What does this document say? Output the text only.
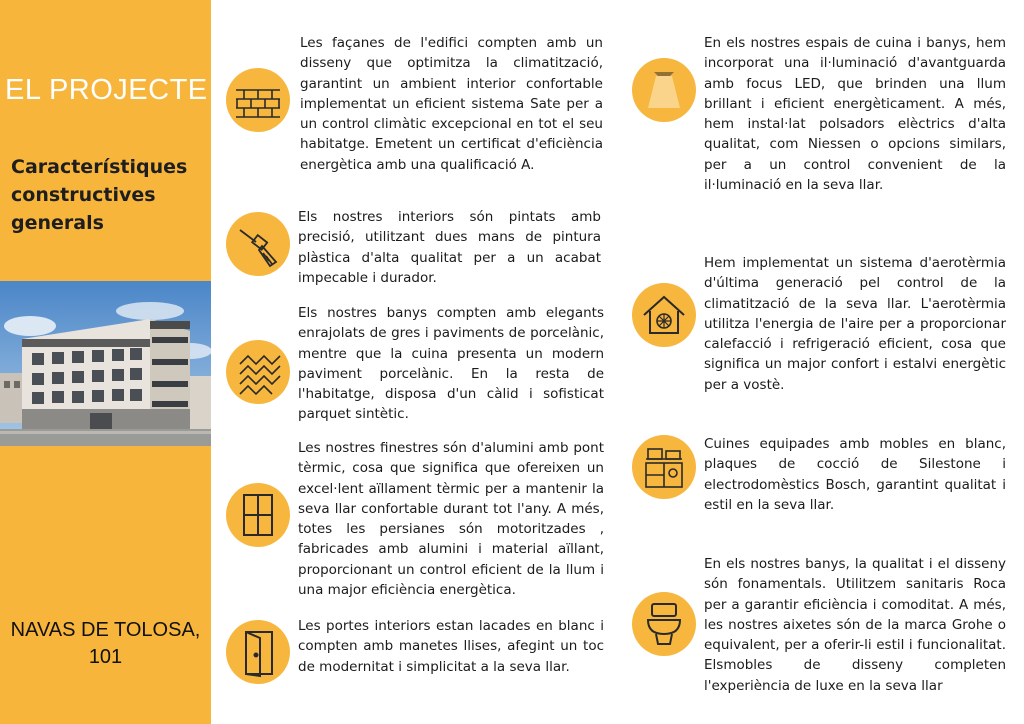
EL PROJECTE
Característiques constructives generals
NAVAS DE TOLOSA, 101

Les façanes de l'edifici compten amb un disseny que optimitza la climatització, garantint un ambient interior confortable implementat un eficient sistema Sate per a un control climàtic excepcional en tot el seu habitatge. Emetent un certificat d'eficiència energètica amb una qualificació A.

Els nostres interiors són pintats amb precisió, utilitzant dues mans de pintura plàstica d'alta qualitat per a un acabat impecable i durador.

Els nostres banys compten amb elegants enrajolats de gres i paviments de porcelànic, mentre que la cuina presenta un modern paviment porcelànic. En la resta de l'habitatge, disposa d'un càlid i sofisticat parquet sintètic.

Les nostres finestres són d'alumini amb pont tèrmic, cosa que significa que ofereixen un excel·lent aïllament tèrmic per a mantenir la seva llar confortable durant tot l'any. A més, totes les persianes són motoritzades , fabricades amb alumini i material aïllant, proporcionant un control eficient de la llum i una major eficiència energètica.

Les portes interiors estan lacades en blanc i compten amb manetes llises, afegint un toc de modernitat i simplicitat a la seva llar.

En els nostres espais de cuina i banys, hem incorporat una il·luminació d'avantguarda amb focus LED, que brinden una llum brillant i eficient energèticament. A més, hem instal·lat polsadors elèctrics d'alta qualitat, com Niessen o opcions similars, per a un control convenient de la il·luminació en la seva llar.

Hem implementat un sistema d'aerotèrmia d'última generació pel control de la climatització de la seva llar. L'aerotèrmia utilitza l'energia de l'aire per a proporcionar calefacció i refrigeració eficient, cosa que significa un major confort i estalvi energètic per a vostè.

Cuines equipades amb mobles en blanc, plaques de cocció de Silestone i electrodomèstics Bosch, garantint qualitat i estil en la seva llar.

En els nostres banys, la qualitat i el disseny són fonamentals. Utilitzem sanitaris Roca per a garantir eficiència i comoditat. A més, les nostres aixetes són de la marca Grohe o equivalent, per a oferir-li estil i funcionalitat. Elsmobles de disseny completen l'experiència de luxe en la seva llar
